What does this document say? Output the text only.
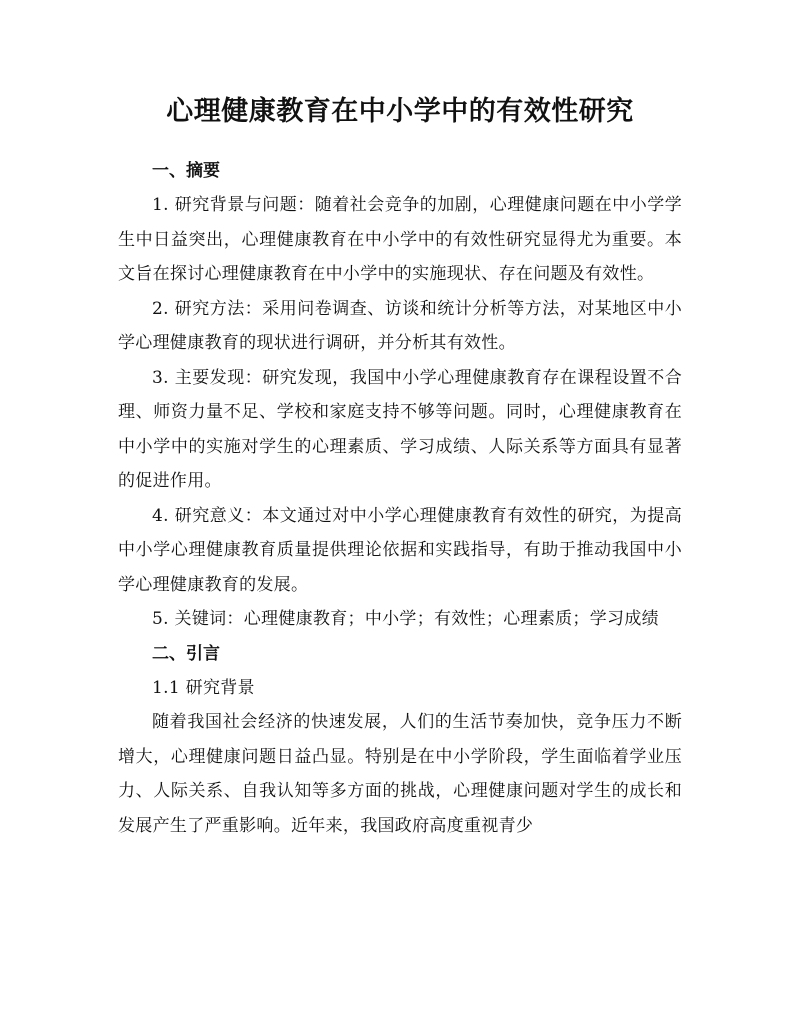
心理健康教育在中小学中的有效性研究

一、摘要

1. 研究背景与问题：随着社会竞争的加剧，心理健康问题在中小学学生中日益突出，心理健康教育在中小学中的有效性研究显得尤为重要。本文旨在探讨心理健康教育在中小学中的实施现状、存在问题及有效性。

2. 研究方法：采用问卷调查、访谈和统计分析等方法，对某地区中小学心理健康教育的现状进行调研，并分析其有效性。

3. 主要发现：研究发现，我国中小学心理健康教育存在课程设置不合理、师资力量不足、学校和家庭支持不够等问题。同时，心理健康教育在中小学中的实施对学生的心理素质、学习成绩、人际关系等方面具有显著的促进作用。

4. 研究意义：本文通过对中小学心理健康教育有效性的研究，为提高中小学心理健康教育质量提供理论依据和实践指导，有助于推动我国中小学心理健康教育的发展。

5. 关键词：心理健康教育；中小学；有效性；心理素质；学习成绩

二、引言

1.1 研究背景

随着我国社会经济的快速发展，人们的生活节奏加快，竞争压力不断增大，心理健康问题日益凸显。特别是在中小学阶段，学生面临着学业压力、人际关系、自我认知等多方面的挑战，心理健康问题对学生的成长和发展产生了严重影响。近年来，我国政府高度重视青少
